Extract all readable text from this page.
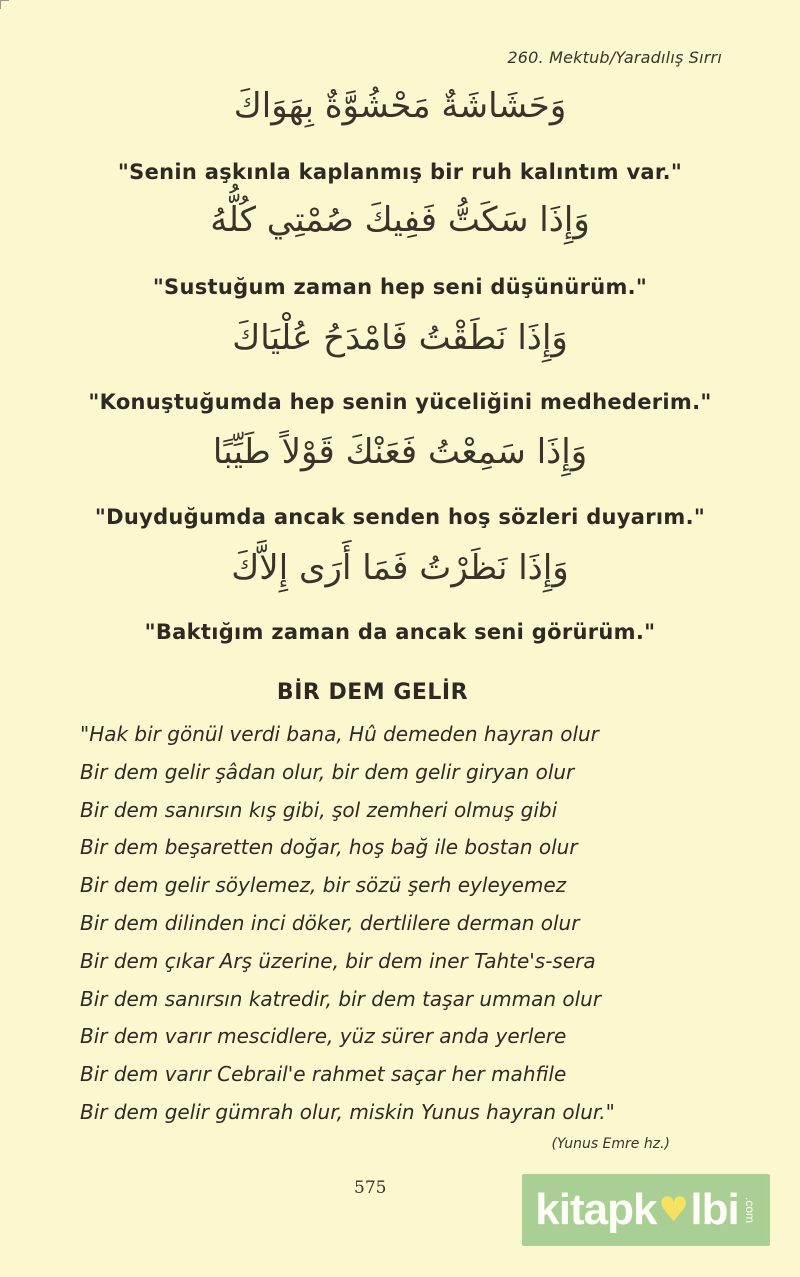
260. Mektub/Yaradılış Sırrı
وَحَشَاشَةٌ مَحْشُوَّةٌ بِهَوَاكَ
"Senin aşkınla kaplanmış bir ruh kalıntım var."
وَإِذَا سَكَتُّ فَفِيكَ صُمْتِي كُلُّهُ
"Sustuğum zaman hep seni düşünürüm."
وَإِذَا نَطَقْتُ فَامْدَحُ عُلْيَاكَ
"Konuştuğumda hep senin yüceliğini medhederim."
وَإِذَا سَمِعْتُ فَعَنْكَ قَوْلاً طَيِّبًا
"Duyduğumda ancak senden hoş sözleri duyarım."
وَإِذَا نَظَرْتُ فَمَا أَرَى إِلاَّكَ
"Baktığım zaman da ancak seni görürüm."
BİR DEM GELİR
"Hak bir gönül verdi bana, Hû demeden hayran olur
Bir dem gelir şâdan olur, bir dem gelir giryan olur
Bir dem sanırsın kış gibi, şol zemheri olmuş gibi
Bir dem beşaretten doğar, hoş bağ ile bostan olur
Bir dem gelir söylemez, bir sözü şerh eyleyemez
Bir dem dilinden inci döker, dertlilere derman olur
Bir dem çıkar Arş üzerine, bir dem iner Tahte's-sera
Bir dem sanırsın katredir, bir dem taşar umman olur
Bir dem varır mescidlere, yüz sürer anda yerlere
Bir dem varır Cebrail'e rahmet saçar her mahfile
Bir dem gelir gümrah olur, miskin Yunus hayran olur."
(Yunus Emre hz.)
575	kitapk ♥ lbi .com
